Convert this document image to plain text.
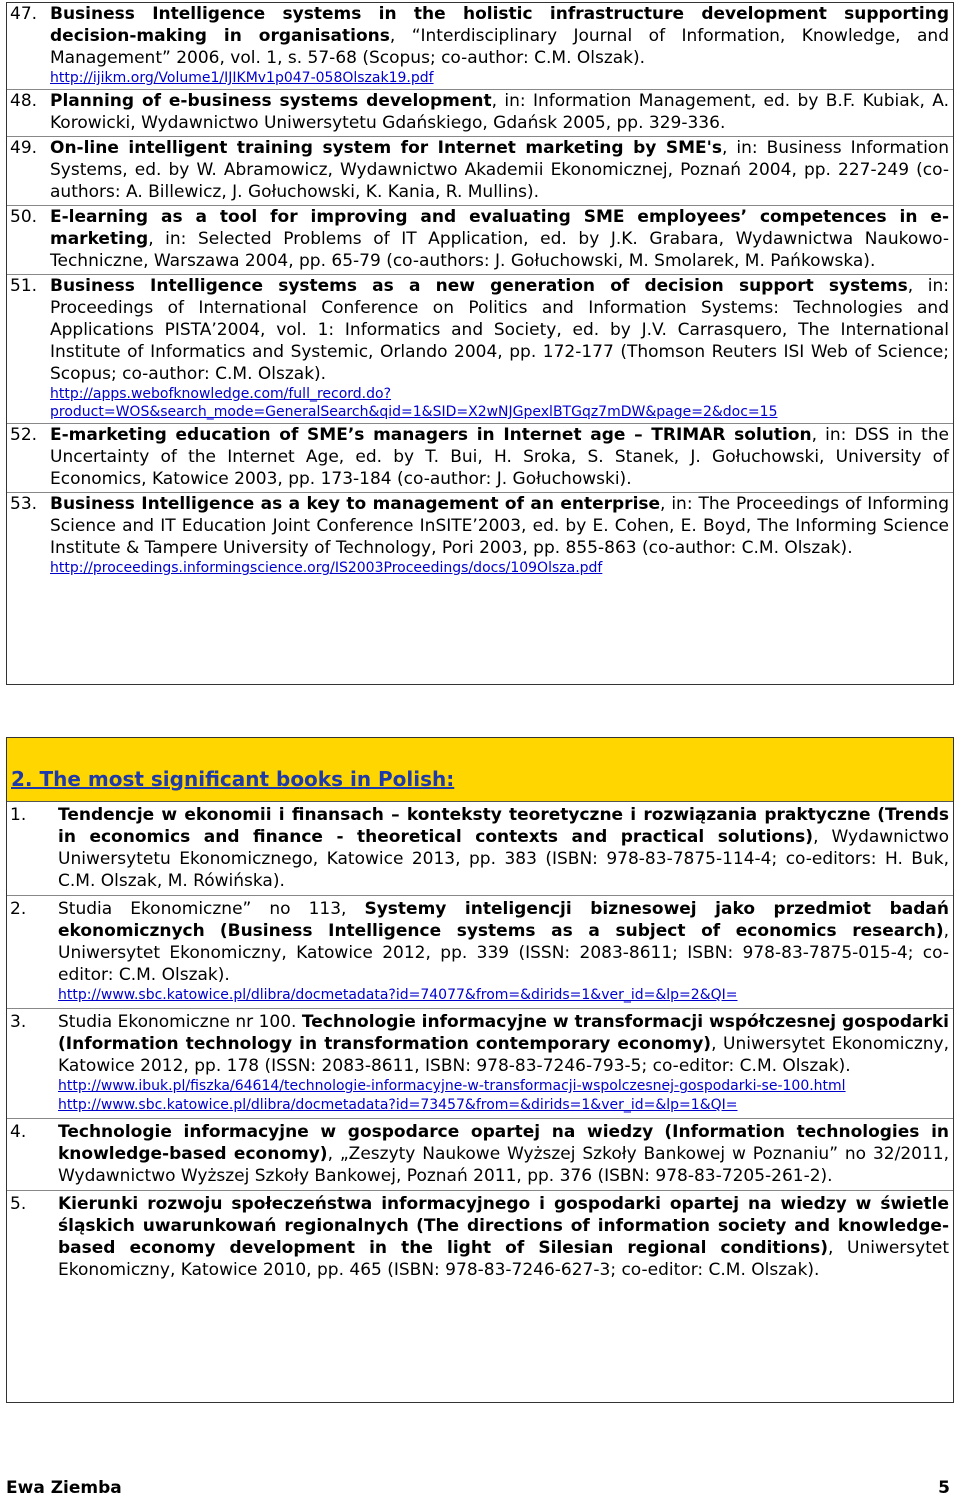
47. Business Intelligence systems in the holistic infrastructure development supporting decision-making in organisations, “Interdisciplinary Journal of Information, Knowledge, and Management” 2006, vol. 1, s. 57-68 (Scopus; co-author: C.M. Olszak).
http://ijikm.org/Volume1/IJIKMv1p047-058Olszak19.pdf
48. Planning of e-business systems development, in: Information Management, ed. by B.F. Kubiak, A. Korowicki, Wydawnictwo Uniwersytetu Gdańskiego, Gdańsk 2005, pp. 329-336.
49. On-line intelligent training system for Internet marketing by SME's, in: Business Information Systems, ed. by W. Abramowicz, Wydawnictwo Akademii Ekonomicznej, Poznań 2004, pp. 227-249 (co-authors: A. Billewicz, J. Gołuchowski, K. Kania, R. Mullins).
50. E-learning as a tool for improving and evaluating SME employees’ competences in e-marketing, in: Selected Problems of IT Application, ed. by J.K. Grabara, Wydawnictwa Naukowo-Techniczne, Warszawa 2004, pp. 65-79 (co-authors: J. Gołuchowski, M. Smolarek, M. Pańkowska).
51. Business Intelligence systems as a new generation of decision support systems, in: Proceedings of International Conference on Politics and Information Systems: Technologies and Applications PISTA’2004, vol. 1: Informatics and Society, ed. by J.V. Carrasquero, The International Institute of Informatics and Systemic, Orlando 2004, pp. 172-177 (Thomson Reuters ISI Web of Science; Scopus; co-author: C.M. Olszak).
http://apps.webofknowledge.com/full_record.do?product=WOS&search_mode=GeneralSearch&qid=1&SID=X2wNJGpexlBTGqz7mDW&page=2&doc=15
52. E-marketing education of SME’s managers in Internet age – TRIMAR solution, in: DSS in the Uncertainty of the Internet Age, ed. by T. Bui, H. Sroka, S. Stanek, J. Gołuchowski, University of Economics, Katowice 2003, pp. 173-184 (co-author: J. Gołuchowski).
53. Business Intelligence as a key to management of an enterprise, in: The Proceedings of Informing Science and IT Education Joint Conference InSITE’2003, ed. by E. Cohen, E. Boyd, The Informing Science Institute & Tampere University of Technology, Pori 2003, pp. 855-863 (co-author: C.M. Olszak).
http://proceedings.informingscience.org/IS2003Proceedings/docs/109Olsza.pdf
2. The most significant books in Polish:
1.	Tendencje w ekonomii i finansach – konteksty teoretyczne i rozwiązania praktyczne (Trends in economics and finance - theoretical contexts and practical solutions), Wydawnictwo Uniwersytetu Ekonomicznego, Katowice 2013, pp. 383 (ISBN: 978-83-7875-114-4; co-editors: H. Buk, C.M. Olszak, M. Rówińska).
2.	Studia Ekonomiczne” no 113, Systemy inteligencji biznesowej jako przedmiot badań ekonomicznych (Business Intelligence systems as a subject of economics research), Uniwersytet Ekonomiczny, Katowice 2012, pp. 339 (ISSN: 2083-8611; ISBN: 978-83-7875-015-4; co-editor: C.M. Olszak).
http://www.sbc.katowice.pl/dlibra/docmetadata?id=74077&from=&dirids=1&ver_id=&lp=2&QI=
3.	Studia Ekonomiczne nr 100. Technologie informacyjne w transformacji współczesnej gospodarki (Information technology in transformation contemporary economy), Uniwersytet Ekonomiczny, Katowice 2012, pp. 178 (ISSN: 2083-8611, ISBN: 978-83-7246-793-5; co-editor: C.M. Olszak).
http://www.ibuk.pl/fiszka/64614/technologie-informacyjne-w-transformacji-wspolczesnej-gospodarki-se-100.html
http://www.sbc.katowice.pl/dlibra/docmetadata?id=73457&from=&dirids=1&ver_id=&lp=1&QI=
4.	Technologie informacyjne w gospodarce opartej na wiedzy (Information technologies in knowledge-based economy), „Zeszyty Naukowe Wyższej Szkoły Bankowej w Poznaniu” no 32/2011, Wydawnictwo Wyższej Szkoły Bankowej, Poznań 2011, pp. 376 (ISBN: 978-83-7205-261-2).
5.	Kierunki rozwoju społeczeństwa informacyjnego i gospodarki opartej na wiedzy w świetle śląskich uwarunkowań regionalnych (The directions of information society and knowledge-based economy development in the light of Silesian regional conditions), Uniwersytet Ekonomiczny, Katowice 2010, pp. 465 (ISBN: 978-83-7246-627-3; co-editor: C.M. Olszak).
Ewa Ziemba	5
